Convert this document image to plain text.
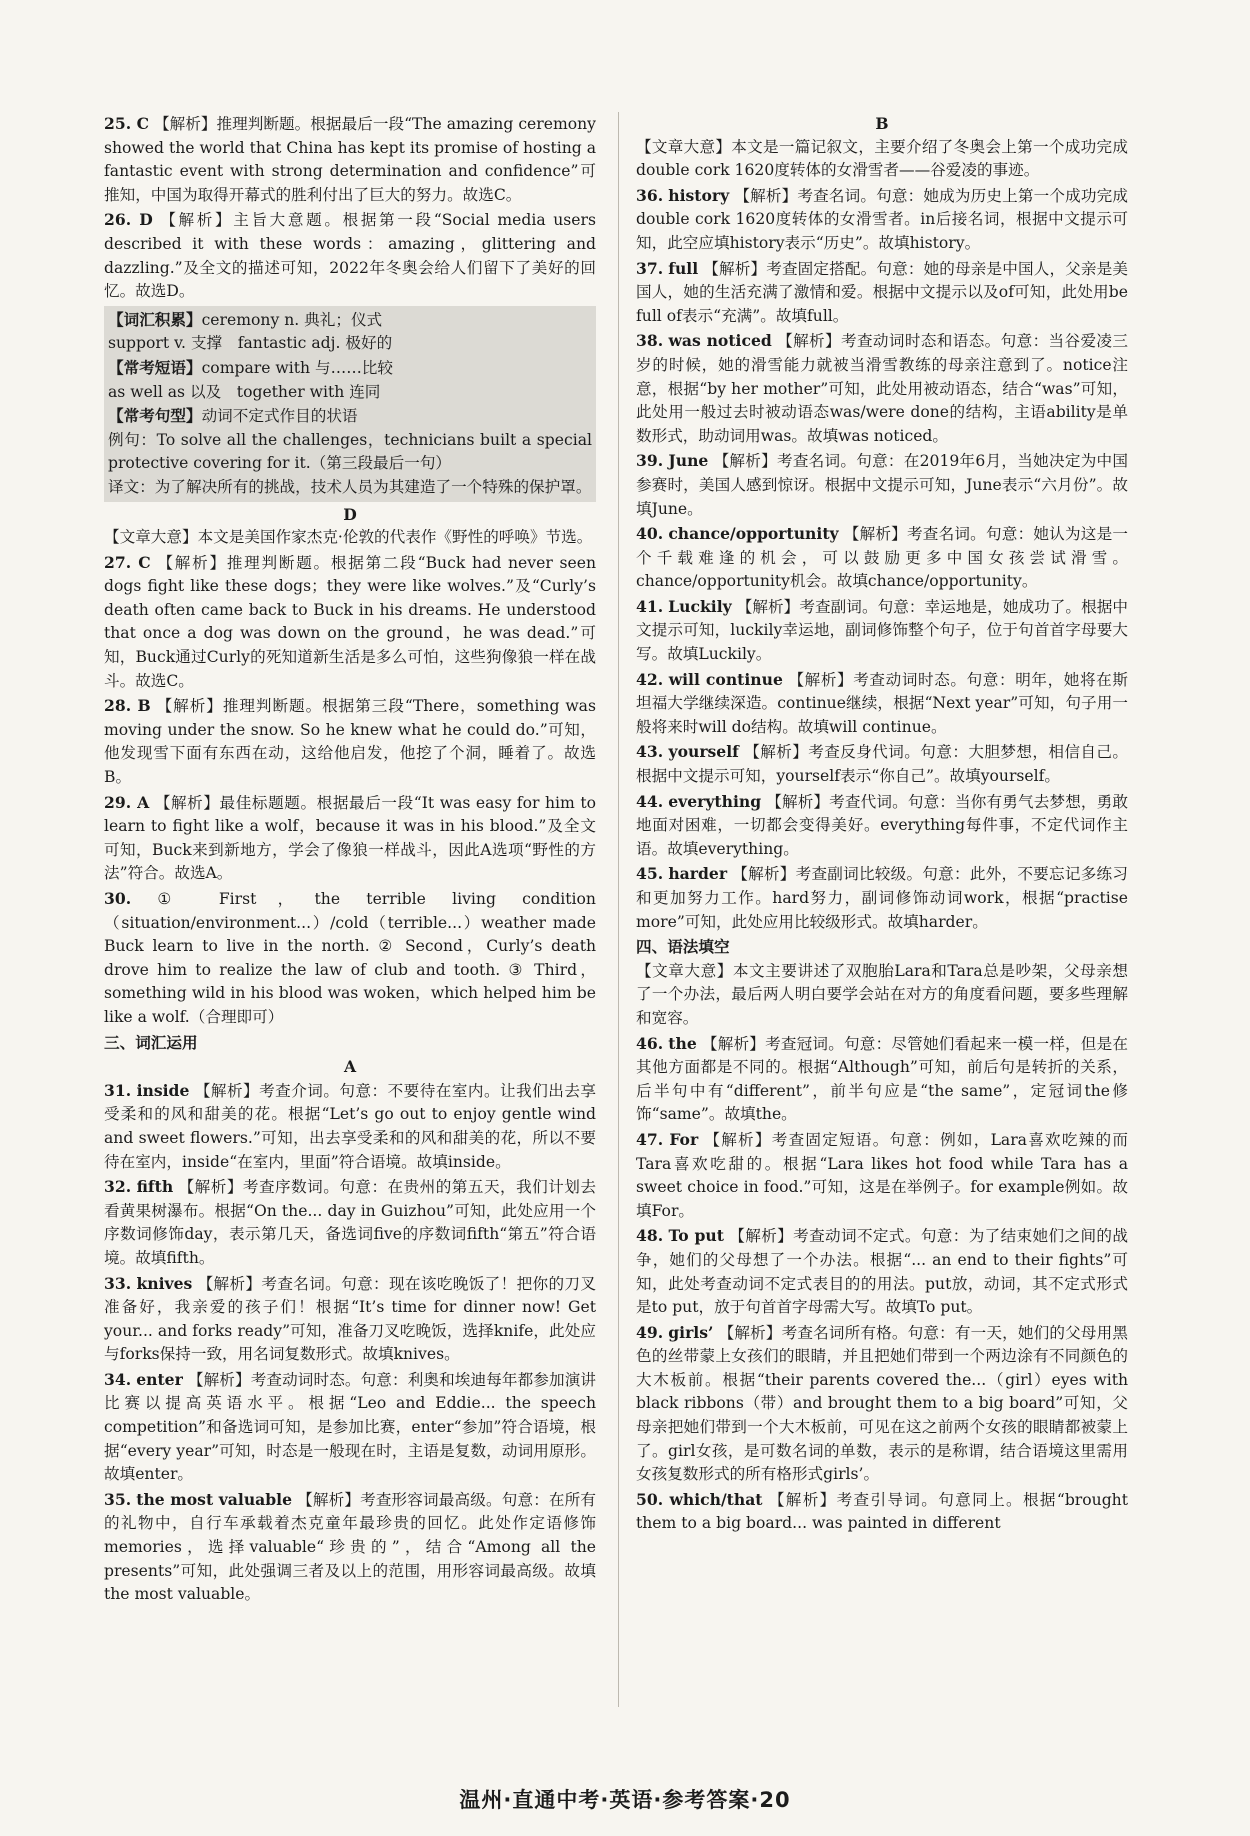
25. C 【解析】推理判断题。根据最后一段“The amazing ceremony showed the world that China has kept its promise of hosting a fantastic event with strong determination and confidence”可推知，中国为取得开幕式的胜利付出了巨大的努力。故选C。

26. D 【解析】主旨大意题。根据第一段“Social media users described it with these words：amazing，glittering and dazzling.”及全文的描述可知，2022年冬奥会给人们留下了美好的回忆。故选D。

【词汇积累】ceremony n. 典礼；仪式

support v. 支撑　fantastic adj. 极好的

【常考短语】compare with 与……比较

as well as 以及　together with 连同

【常考句型】动词不定式作目的状语

例句：To solve all the challenges，technicians built a special protective covering for it.（第三段最后一句）

译文：为了解决所有的挑战，技术人员为其建造了一个特殊的保护罩。

D

【文章大意】本文是美国作家杰克·伦敦的代表作《野性的呼唤》节选。

27. C 【解析】推理判断题。根据第二段“Buck had never seen dogs fight like these dogs；they were like wolves.”及“Curly’s death often came back to Buck in his dreams. He understood that once a dog was down on the ground，he was dead.”可知，Buck通过Curly的死知道新生活是多么可怕，这些狗像狼一样在战斗。故选C。

28. B 【解析】推理判断题。根据第三段“There，something was moving under the snow. So he knew what he could do.”可知，他发现雪下面有东西在动，这给他启发，他挖了个洞，睡着了。故选B。

29. A 【解析】最佳标题题。根据最后一段“It was easy for him to learn to fight like a wolf，because it was in his blood.”及全文可知，Buck来到新地方，学会了像狼一样战斗，因此A选项“野性的方法”符合。故选A。

30. ① First，the terrible living condition（situation/environment...）/cold（terrible...）weather made Buck learn to live in the north. ② Second，Curly’s death drove him to realize the law of club and tooth. ③ Third，something wild in his blood was woken，which helped him be like a wolf.（合理即可）

三、词汇运用

A

31. inside 【解析】考查介词。句意：不要待在室内。让我们出去享受柔和的风和甜美的花。根据“Let’s go out to enjoy gentle wind and sweet flowers.”可知，出去享受柔和的风和甜美的花，所以不要待在室内，inside“在室内，里面”符合语境。故填inside。

32. fifth 【解析】考查序数词。句意：在贵州的第五天，我们计划去看黄果树瀑布。根据“On the... day in Guizhou”可知，此处应用一个序数词修饰day，表示第几天，备选词five的序数词fifth“第五”符合语境。故填fifth。

33. knives 【解析】考查名词。句意：现在该吃晚饭了！把你的刀叉准备好，我亲爱的孩子们！根据“It’s time for dinner now! Get your... and forks ready”可知，准备刀叉吃晚饭，选择knife，此处应与forks保持一致，用名词复数形式。故填knives。

34. enter 【解析】考查动词时态。句意：利奥和埃迪每年都参加演讲比赛以提高英语水平。根据“Leo and Eddie... the speech competition”和备选词可知，是参加比赛，enter“参加”符合语境，根据“every year”可知，时态是一般现在时，主语是复数，动词用原形。故填enter。

35. the most valuable 【解析】考查形容词最高级。句意：在所有的礼物中，自行车承载着杰克童年最珍贵的回忆。此处作定语修饰memories，选择valuable“珍贵的”，结合“Among all the presents”可知，此处强调三者及以上的范围，用形容词最高级。故填the most valuable。

B

【文章大意】本文是一篇记叙文，主要介绍了冬奥会上第一个成功完成double cork 1620度转体的女滑雪者——谷爱凌的事迹。

36. history 【解析】考查名词。句意：她成为历史上第一个成功完成double cork 1620度转体的女滑雪者。in后接名词，根据中文提示可知，此空应填history表示“历史”。故填history。

37. full 【解析】考查固定搭配。句意：她的母亲是中国人，父亲是美国人，她的生活充满了激情和爱。根据中文提示以及of可知，此处用be full of表示“充满”。故填full。

38. was noticed 【解析】考查动词时态和语态。句意：当谷爱凌三岁的时候，她的滑雪能力就被当滑雪教练的母亲注意到了。notice注意，根据“by her mother”可知，此处用被动语态，结合“was”可知，此处用一般过去时被动语态was/were done的结构，主语ability是单数形式，助动词用was。故填was noticed。

39. June 【解析】考查名词。句意：在2019年6月，当她决定为中国参赛时，美国人感到惊讶。根据中文提示可知，June表示“六月份”。故填June。

40. chance/opportunity 【解析】考查名词。句意：她认为这是一个千载难逢的机会，可以鼓励更多中国女孩尝试滑雪。chance/opportunity机会。故填chance/opportunity。

41. Luckily 【解析】考查副词。句意：幸运地是，她成功了。根据中文提示可知，luckily幸运地，副词修饰整个句子，位于句首首字母要大写。故填Luckily。

42. will continue 【解析】考查动词时态。句意：明年，她将在斯坦福大学继续深造。continue继续，根据“Next year”可知，句子用一般将来时will do结构。故填will continue。

43. yourself 【解析】考查反身代词。句意：大胆梦想，相信自己。根据中文提示可知，yourself表示“你自己”。故填yourself。

44. everything 【解析】考查代词。句意：当你有勇气去梦想，勇敢地面对困难，一切都会变得美好。everything每件事，不定代词作主语。故填everything。

45. harder 【解析】考查副词比较级。句意：此外，不要忘记多练习和更加努力工作。hard努力，副词修饰动词work，根据“practise more”可知，此处应用比较级形式。故填harder。

四、语法填空

【文章大意】本文主要讲述了双胞胎Lara和Tara总是吵架，父母亲想了一个办法，最后两人明白要学会站在对方的角度看问题，要多些理解和宽容。

46. the 【解析】考查冠词。句意：尽管她们看起来一模一样，但是在其他方面都是不同的。根据“Although”可知，前后句是转折的关系，后半句中有“different”，前半句应是“the same”，定冠词the修饰“same”。故填the。

47. For 【解析】考查固定短语。句意：例如，Lara喜欢吃辣的而Tara喜欢吃甜的。根据“Lara likes hot food while Tara has a sweet choice in food.”可知，这是在举例子。for example例如。故填For。

48. To put 【解析】考查动词不定式。句意：为了结束她们之间的战争，她们的父母想了一个办法。根据“... an end to their fights”可知，此处考查动词不定式表目的的用法。put放，动词，其不定式形式是to put，放于句首首字母需大写。故填To put。

49. girls’ 【解析】考查名词所有格。句意：有一天，她们的父母用黑色的丝带蒙上女孩们的眼睛，并且把她们带到一个两边涂有不同颜色的大木板前。根据“their parents covered the...（girl）eyes with black ribbons（带）and brought them to a big board”可知，父母亲把她们带到一个大木板前，可见在这之前两个女孩的眼睛都被蒙上了。girl女孩，是可数名词的单数，表示的是称谓，结合语境这里需用女孩复数形式的所有格形式girls’。

50. which/that 【解析】考查引导词。句意同上。根据“brought them to a big board... was painted in different

温州·直通中考·英语·参考答案·20
